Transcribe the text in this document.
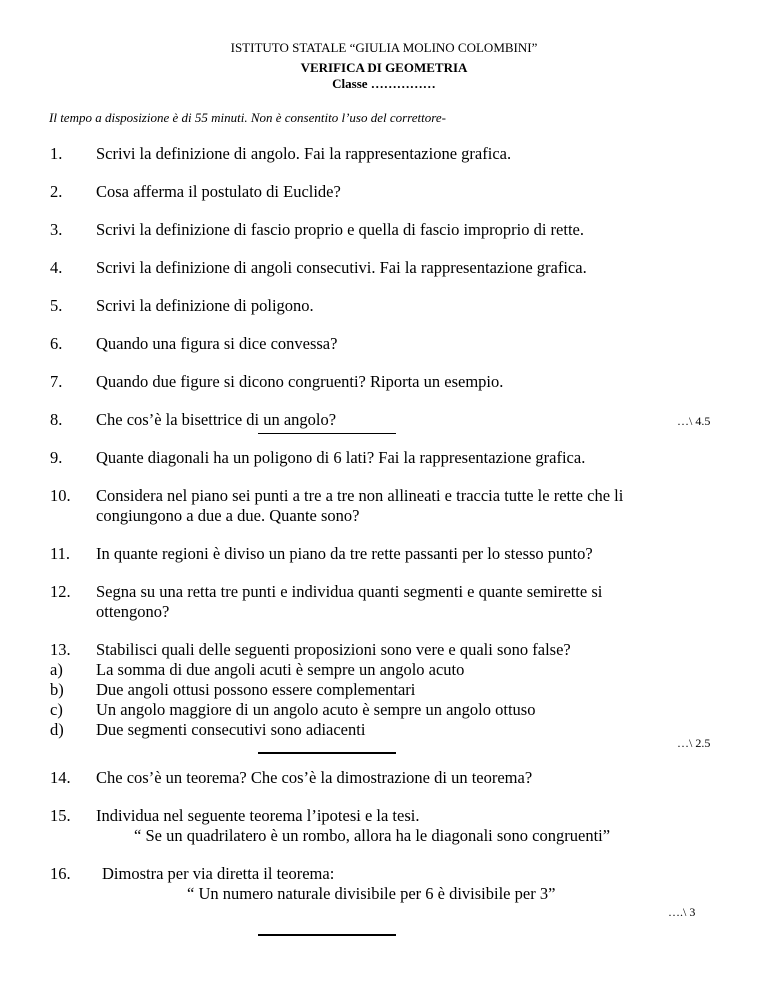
ISTITUTO STATALE “GIULIA MOLINO COLOMBINI”
VERIFICA DI GEOMETRIA
Classe ……………
Il tempo a disposizione è di 55 minuti. Non è consentito l’uso del correttore-
1. Scrivi la definizione di angolo. Fai la rappresentazione grafica.
2. Cosa afferma il postulato di Euclide?
3. Scrivi la definizione di fascio proprio e quella di fascio improprio di rette.
4. Scrivi la definizione di angoli consecutivi. Fai la rappresentazione grafica.
5. Scrivi la definizione di poligono.
6. Quando una figura si dice convessa?
7. Quando due figure si dicono congruenti? Riporta un esempio.
8. Che cos’è la bisettrice di un angolo?	…\ 4.5
9. Quante diagonali ha un poligono di 6 lati? Fai la rappresentazione grafica.
10. Considera nel piano sei punti a tre a tre non allineati e traccia tutte le rette che li
congiungono a due a due. Quante sono?
11. In quante regioni è diviso un piano da tre rette passanti per lo stesso punto?
12. Segna su una retta tre punti e individua quanti segmenti e quante semirette si
ottengono?
13. Stabilisci quali delle seguenti proposizioni sono vere e quali sono false?
a) La somma di due angoli acuti è sempre un angolo acuto
b) Due angoli ottusi possono essere complementari
c) Un angolo maggiore di un angolo acuto è sempre un angolo ottuso
d) Due segmenti consecutivi sono adiacenti
…\ 2.5
14. Che cos’è un teorema? Che cos’è la dimostrazione di un teorema?
15. Individua nel seguente teorema l’ipotesi e la tesi.
“ Se un quadrilatero è un rombo, allora ha le diagonali sono congruenti”
16. Dimostra per via diretta il teorema:
“ Un numero naturale divisibile per 6 è divisibile per 3”
….\ 3
